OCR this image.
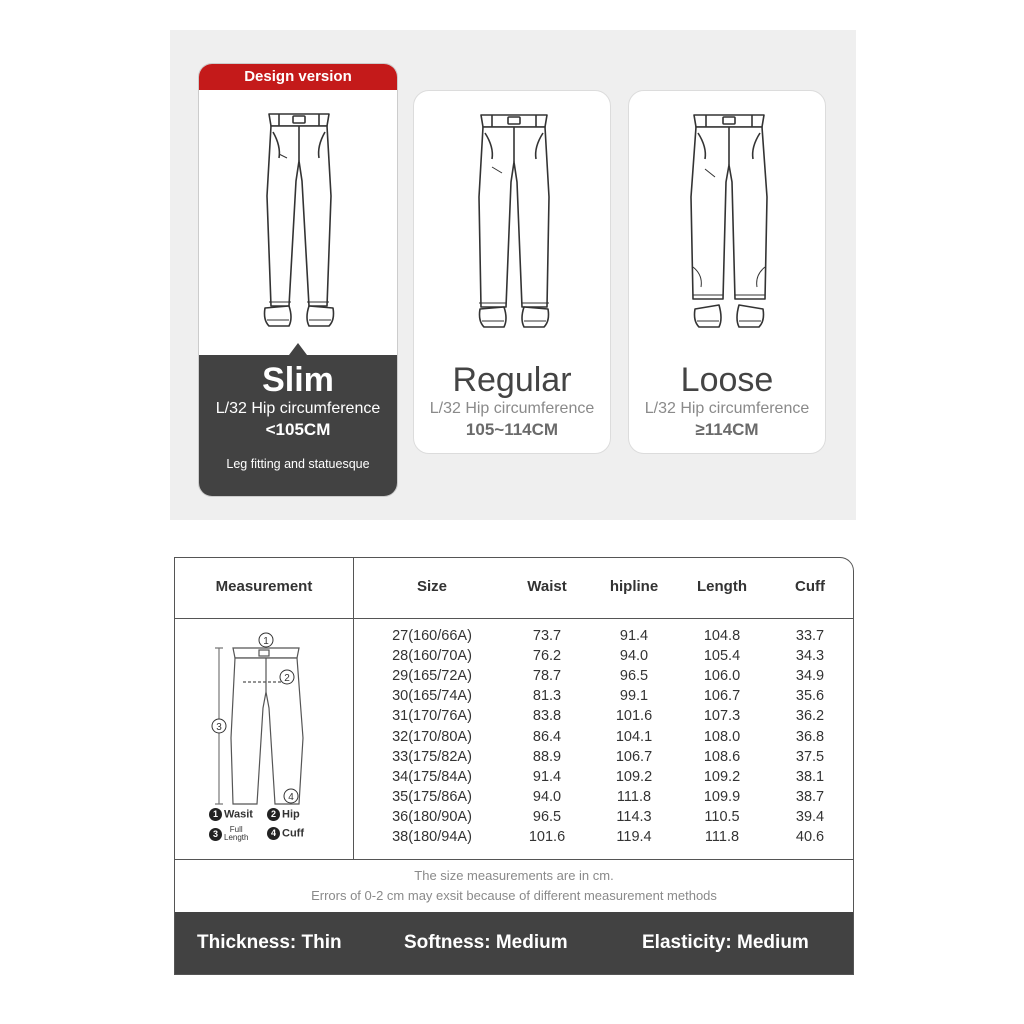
Design version
Slim
L/32 Hip circumference
<105CM
Leg fitting and statuesque
Regular
L/32 Hip circumference
105~114CM
Loose
L/32 Hip circumference
≥114CM
Measurement	Size	Waist	hipline	Length	Cuff
1
2
3
4
1 Wasit	2 Hip
3 Full
Length	4 Cuff
27(160/66A)	73.7	91.4	104.8	33.7
28(160/70A)	76.2	94.0	105.4	34.3
29(165/72A)	78.7	96.5	106.0	34.9
30(165/74A)	81.3	99.1	106.7	35.6
31(170/76A)	83.8	101.6	107.3	36.2
32(170/80A)	86.4	104.1	108.0	36.8
33(175/82A)	88.9	106.7	108.6	37.5
34(175/84A)	91.4	109.2	109.2	38.1
35(175/86A)	94.0	111.8	109.9	38.7
36(180/90A)	96.5	114.3	110.5	39.4
38(180/94A)	101.6	119.4	111.8	40.6
The size measurements are in cm.
Errors of 0-2 cm may exsit because of different measurement methods
Thickness: Thin	Softness: Medium	Elasticity: Medium
